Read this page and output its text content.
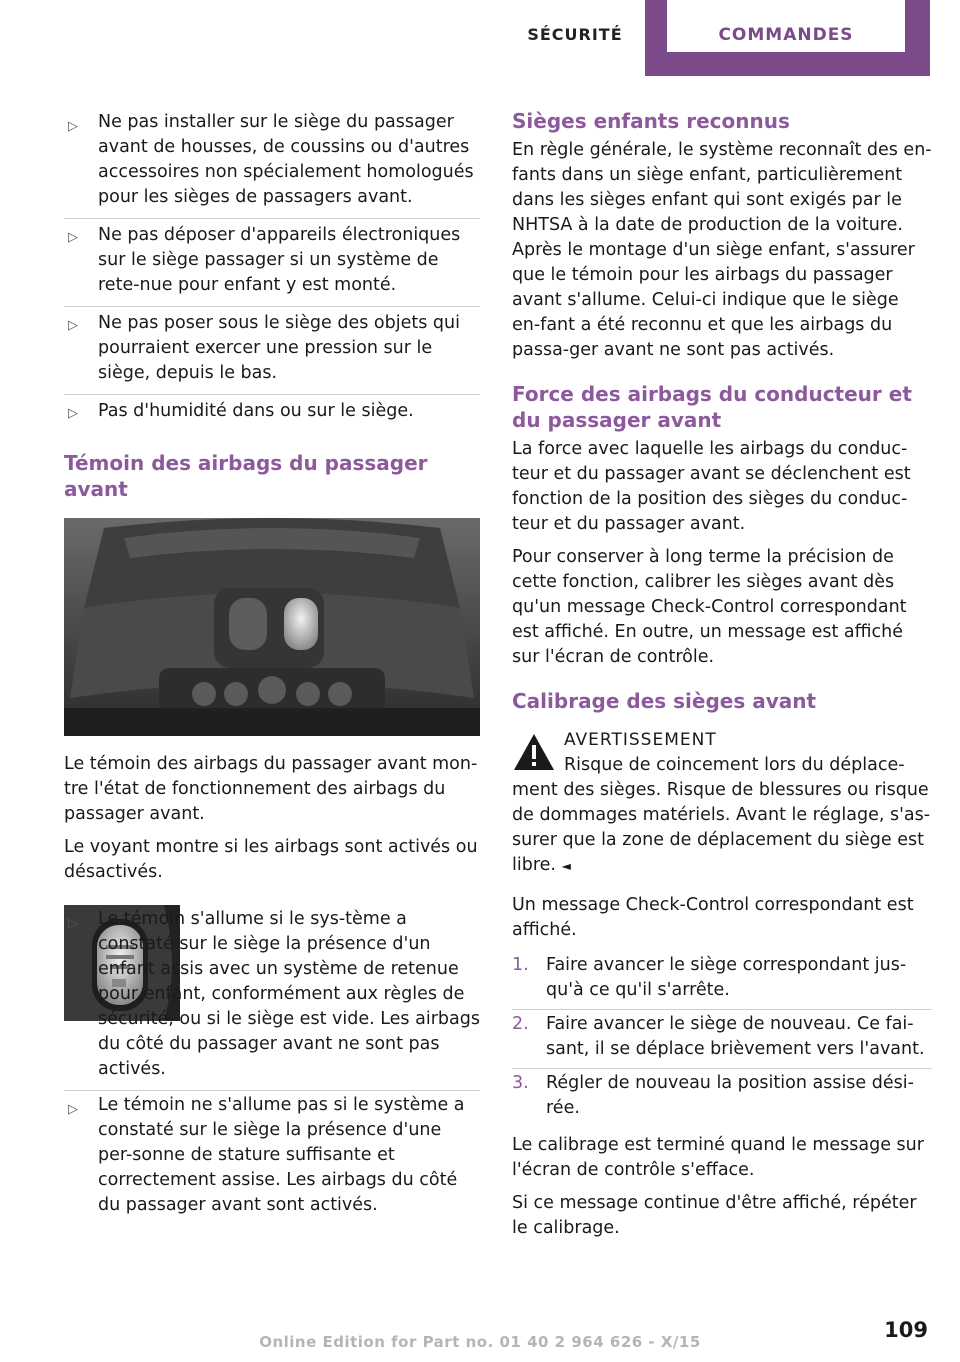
SÉCURITÉ	COMMANDES
▷ Ne pas installer sur le siège du passager avant de housses, de coussins ou d'autres accessoires non spécialement homologués pour les sièges de passagers avant.
▷ Ne pas déposer d'appareils électroniques sur le siège passager si un système de rete-nue pour enfant y est monté.
▷ Ne pas poser sous le siège des objets qui pourraient exercer une pression sur le siège, depuis le bas.
▷ Pas d'humidité dans ou sur le siège.
Témoin des airbags du passager avant

Le témoin des airbags du passager avant mon-tre l'état de fonctionnement des airbags du passager avant.

Le voyant montre si les airbags sont activés ou désactivés.

▷ Le témoin s'allume si le sys-tème a constaté sur le siège la présence d'un enfant assis avec un système de retenue pour enfant, conformément aux règles de sécurité, ou si le siège est vide. Les airbags du côté du passager avant ne sont pas activés.
▷ Le témoin ne s'allume pas si le système a constaté sur le siège la présence d'une per-sonne de stature suffisante et correctement assise. Les airbags du côté du passager avant sont activés.
Sièges enfants reconnus

En règle générale, le système reconnaît des en-fants dans un siège enfant, particulièrement dans les sièges enfant qui sont exigés par le NHTSA à la date de production de la voiture. Après le montage d'un siège enfant, s'assurer que le témoin pour les airbags du passager avant s'allume. Celui-ci indique que le siège en-fant a été reconnu et que les airbags du passa-ger avant ne sont pas activés.

Force des airbags du conducteur et du passager avant

La force avec laquelle les airbags du conduc-teur et du passager avant se déclenchent est fonction de la position des sièges du conduc-teur et du passager avant.

Pour conserver à long terme la précision de cette fonction, calibrer les sièges avant dès qu'un message Check-Control correspondant est affiché. En outre, un message est affiché sur l'écran de contrôle.

Calibrage des sièges avant
AVERTISSEMENT
Risque de coincement lors du déplace-
ment des sièges. Risque de blessures ou risque de dommages matériels. Avant le réglage, s'as-surer que la zone de déplacement du siège est libre. ◄

Un message Check-Control correspondant est affiché.

1. Faire avancer le siège correspondant jus-qu'à ce qu'il s'arrête.
2. Faire avancer le siège de nouveau. Ce fai-sant, il se déplace brièvement vers l'avant.
3. Régler de nouveau la position assise dési-rée.

Le calibrage est terminé quand le message sur l'écran de contrôle s'efface.

Si ce message continue d'être affiché, répéter le calibrage.

109
Online Edition for Part no. 01 40 2 964 626 - X/15
